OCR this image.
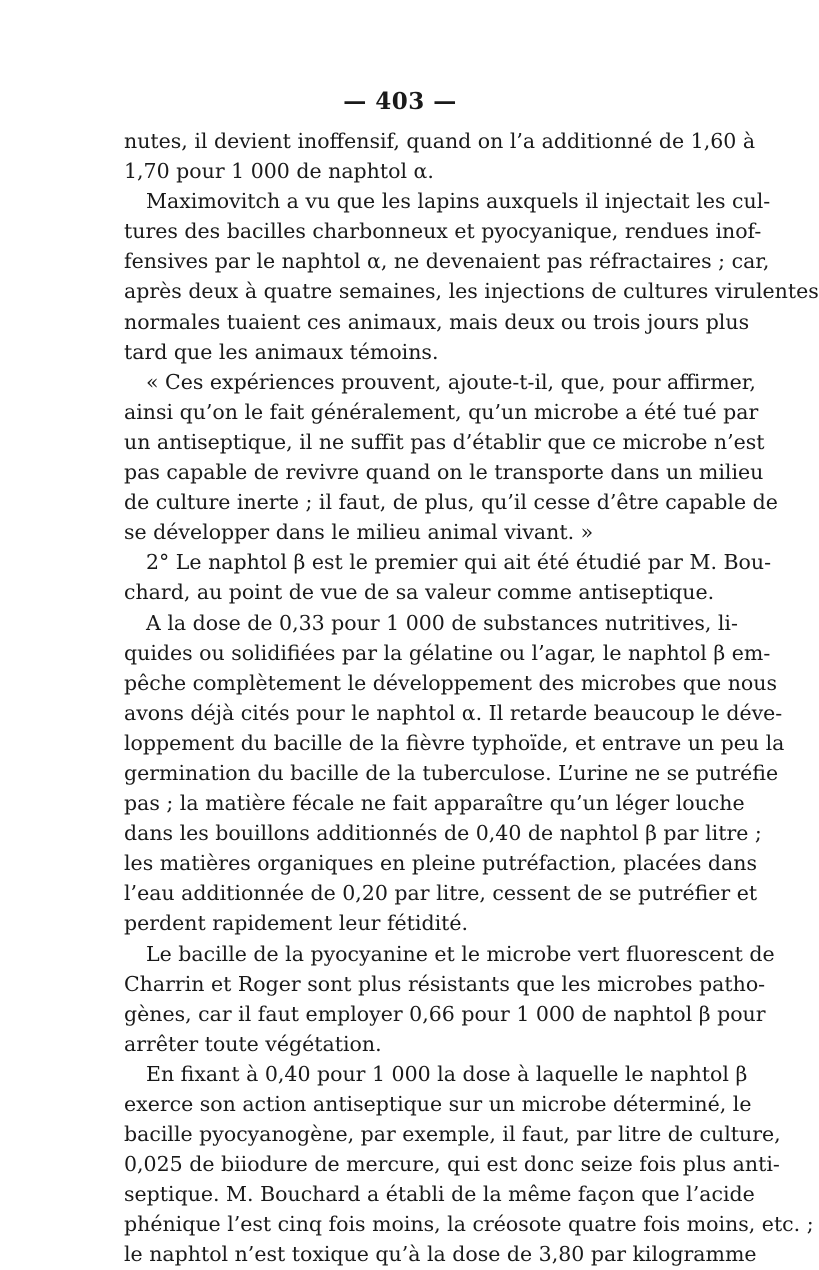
— 403 —
nutes, il devient inoffensif, quand on l’a additionné de 1,60 à
1,70 pour 1 000 de naphtol α.
Maximovitch a vu que les lapins auxquels il injectait les cul-
tures des bacilles charbonneux et pyocyanique, rendues inof-
fensives par le naphtol α, ne devenaient pas réfractaires ; car,
après deux à quatre semaines, les injections de cultures virulentes
normales tuaient ces animaux, mais deux ou trois jours plus
tard que les animaux témoins.
« Ces expériences prouvent, ajoute-t-il, que, pour affirmer,
ainsi qu’on le fait généralement, qu’un microbe a été tué par
un antiseptique, il ne suffit pas d’établir que ce microbe n’est
pas capable de revivre quand on le transporte dans un milieu
de culture inerte ; il faut, de plus, qu’il cesse d’être capable de
se développer dans le milieu animal vivant. »
2° Le naphtol β est le premier qui ait été étudié par M. Bou-
chard, au point de vue de sa valeur comme antiseptique.
A la dose de 0,33 pour 1 000 de substances nutritives, li-
quides ou solidifiées par la gélatine ou l’agar, le naphtol β em-
pêche complètement le développement des microbes que nous
avons déjà cités pour le naphtol α. Il retarde beaucoup le déve-
loppement du bacille de la fièvre typhoïde, et entrave un peu la
germination du bacille de la tuberculose. L’urine ne se putréfie
pas ; la matière fécale ne fait apparaître qu’un léger louche
dans les bouillons additionnés de 0,40 de naphtol β par litre ;
les matières organiques en pleine putréfaction, placées dans
l’eau additionnée de 0,20 par litre, cessent de se putréfier et
perdent rapidement leur fétidité.
Le bacille de la pyocyanine et le microbe vert fluorescent de
Charrin et Roger sont plus résistants que les microbes patho-
gènes, car il faut employer 0,66 pour 1 000 de naphtol β pour
arrêter toute végétation.
En fixant à 0,40 pour 1 000 la dose à laquelle le naphtol β
exerce son action antiseptique sur un microbe déterminé, le
bacille pyocyanogène, par exemple, il faut, par litre de culture,
0,025 de biiodure de mercure, qui est donc seize fois plus anti-
septique. M. Bouchard a établi de la même façon que l’acide
phénique l’est cinq fois moins, la créosote quatre fois moins, etc. ;
le naphtol n’est toxique qu’à la dose de 3,80 par kilogramme
